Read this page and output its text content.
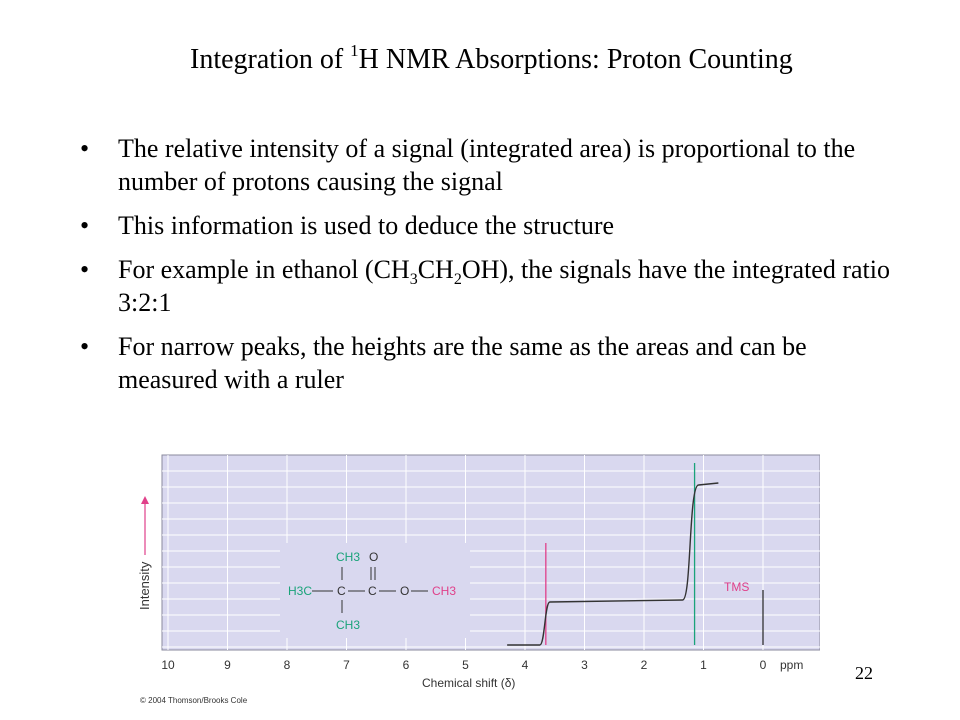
Integration of $^1$H NMR Absorptions: Proton Counting
• The relative intensity of a signal (integrated area) is proportional to the number of protons causing the signal
• This information is used to deduce the structure
• For example in ethanol $(CH_3CH_2OH)$, the signals have the integrated ratio 3:2:1
• For narrow peaks, the heights are the same as the areas and can be measured with a ruler
Intensity	TMS
CH3 O
H3C C C O CH3
CH3
10	9	8	7	6	5	4	3	2	1	0 ppm
Chemical shift (δ)
© 2004 Thomson/Brooks Cole
22
